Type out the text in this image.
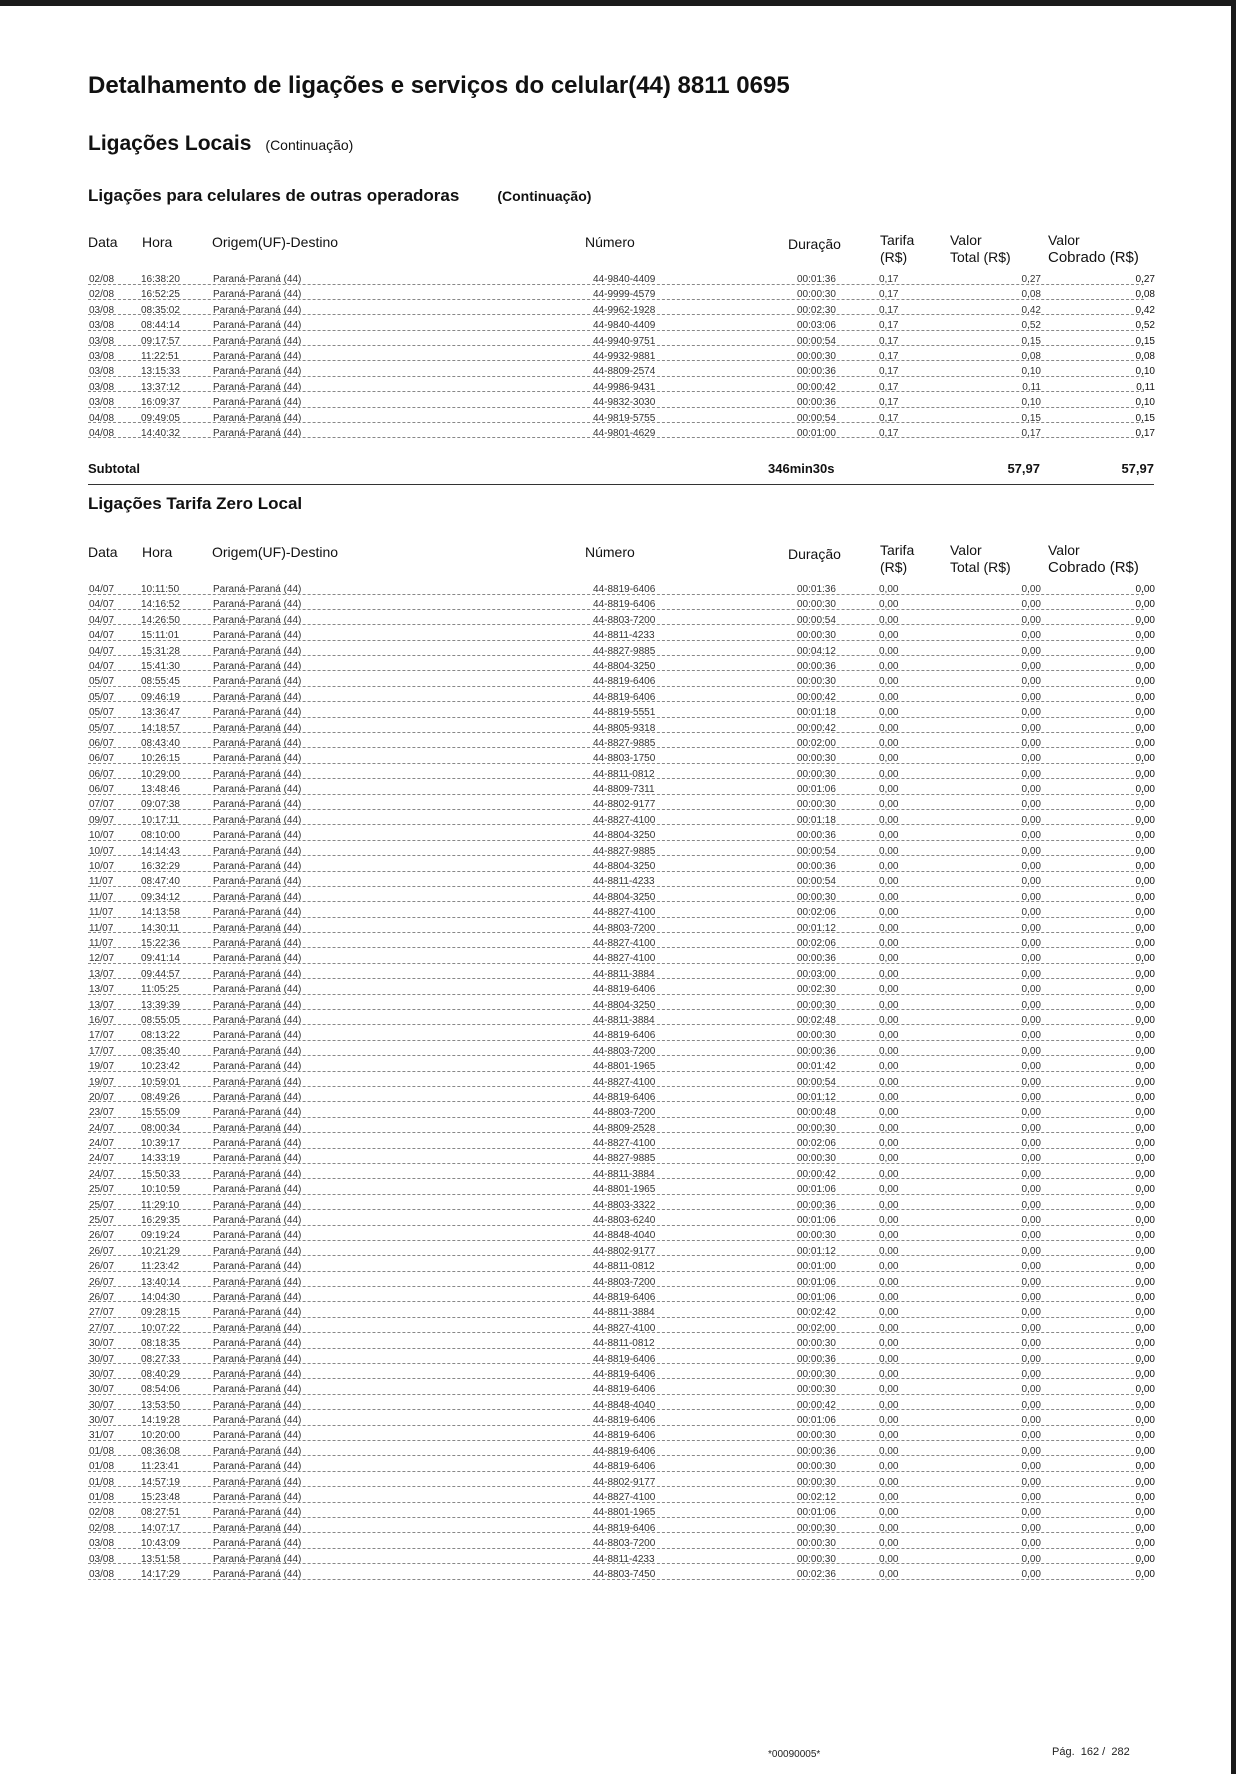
Detalhamento de ligações e serviços do celular(44) 8811 0695
Ligações Locais (Continuação)
Ligações para celulares de outras operadoras	(Continuação)
Data Hora	Origem(UF)-Destino	Número	Duração	Tarifa
(R$)
Valor
Total (R$)
Valor
Cobrado (R$)
02/08	16:38:20	Paraná-Paraná (44)	44-9840-4409	00:01:36	0,17	0,27	0,27
02/08	16:52:25	Paraná-Paraná (44)	44-9999-4579	00:00:30	0,17	0,08	0,08
03/08	08:35:02	Paraná-Paraná (44)	44-9962-1928	00:02:30	0,17	0,42	0,42
03/08	08:44:14	Paraná-Paraná (44)	44-9840-4409	00:03:06	0,17	0,52	0,52
03/08	09:17:57	Paraná-Paraná (44)	44-9940-9751	00:00:54	0,17	0,15	0,15
03/08	11:22:51	Paraná-Paraná (44)	44-9932-9881	00:00:30	0,17	0,08	0,08
03/08	13:15:33	Paraná-Paraná (44)	44-8809-2574	00:00:36	0,17	0,10	0,10
03/08	13:37:12	Paraná-Paraná (44)	44-9986-9431	00:00:42	0,17	0,11	0,11
03/08	16:09:37	Paraná-Paraná (44)	44-9832-3030	00:00:36	0,17	0,10	0,10
04/08	09:49:05	Paraná-Paraná (44)	44-9819-5755	00:00:54	0,17	0,15	0,15
04/08	14:40:32	Paraná-Paraná (44)	44-9801-4629	00:01:00	0,17	0,17	0,17
Subtotal	346min30s	57,97	57,97
Ligações Tarifa Zero Local
Data Hora	Origem(UF)-Destino	Número	Duração	Tarifa
(R$)
Valor
Total (R$)
Valor
Cobrado (R$)
04/07	10:11:50	Paraná-Paraná (44)	44-8819-6406	00:01:36	0,00	0,00	0,00
04/07	14:16:52	Paraná-Paraná (44)	44-8819-6406	00:00:30	0,00	0,00	0,00
04/07	14:26:50	Paraná-Paraná (44)	44-8803-7200	00:00:54	0,00	0,00	0,00
04/07	15:11:01	Paraná-Paraná (44)	44-8811-4233	00:00:30	0,00	0,00	0,00
04/07	15:31:28	Paraná-Paraná (44)	44-8827-9885	00:04:12	0,00	0,00	0,00
04/07	15:41:30	Paraná-Paraná (44)	44-8804-3250	00:00:36	0,00	0,00	0,00
05/07	08:55:45	Paraná-Paraná (44)	44-8819-6406	00:00:30	0,00	0,00	0,00
05/07	09:46:19	Paraná-Paraná (44)	44-8819-6406	00:00:42	0,00	0,00	0,00
05/07	13:36:47	Paraná-Paraná (44)	44-8819-5551	00:01:18	0,00	0,00	0,00
05/07	14:18:57	Paraná-Paraná (44)	44-8805-9318	00:00:42	0,00	0,00	0,00
06/07	08:43:40	Paraná-Paraná (44)	44-8827-9885	00:02:00	0,00	0,00	0,00
06/07	10:26:15	Paraná-Paraná (44)	44-8803-1750	00:00:30	0,00	0,00	0,00
06/07	10:29:00	Paraná-Paraná (44)	44-8811-0812	00:00:30	0,00	0,00	0,00
06/07	13:48:46	Paraná-Paraná (44)	44-8809-7311	00:01:06	0,00	0,00	0,00
07/07	09:07:38	Paraná-Paraná (44)	44-8802-9177	00:00:30	0,00	0,00	0,00
09/07	10:17:11	Paraná-Paraná (44)	44-8827-4100	00:01:18	0,00	0,00	0,00
10/07	08:10:00	Paraná-Paraná (44)	44-8804-3250	00:00:36	0,00	0,00	0,00
10/07	14:14:43	Paraná-Paraná (44)	44-8827-9885	00:00:54	0,00	0,00	0,00
10/07	16:32:29	Paraná-Paraná (44)	44-8804-3250	00:00:36	0,00	0,00	0,00
11/07	08:47:40	Paraná-Paraná (44)	44-8811-4233	00:00:54	0,00	0,00	0,00
11/07	09:34:12	Paraná-Paraná (44)	44-8804-3250	00:00:30	0,00	0,00	0,00
11/07	14:13:58	Paraná-Paraná (44)	44-8827-4100	00:02:06	0,00	0,00	0,00
11/07	14:30:11	Paraná-Paraná (44)	44-8803-7200	00:01:12	0,00	0,00	0,00
11/07	15:22:36	Paraná-Paraná (44)	44-8827-4100	00:02:06	0,00	0,00	0,00
12/07	09:41:14	Paraná-Paraná (44)	44-8827-4100	00:00:36	0,00	0,00	0,00
13/07	09:44:57	Paraná-Paraná (44)	44-8811-3884	00:03:00	0,00	0,00	0,00
13/07	11:05:25	Paraná-Paraná (44)	44-8819-6406	00:02:30	0,00	0,00	0,00
13/07	13:39:39	Paraná-Paraná (44)	44-8804-3250	00:00:30	0,00	0,00	0,00
16/07	08:55:05	Paraná-Paraná (44)	44-8811-3884	00:02:48	0,00	0,00	0,00
17/07	08:13:22	Paraná-Paraná (44)	44-8819-6406	00:00:30	0,00	0,00	0,00
17/07	08:35:40	Paraná-Paraná (44)	44-8803-7200	00:00:36	0,00	0,00	0,00
19/07	10:23:42	Paraná-Paraná (44)	44-8801-1965	00:01:42	0,00	0,00	0,00
19/07	10:59:01	Paraná-Paraná (44)	44-8827-4100	00:00:54	0,00	0,00	0,00
20/07	08:49:26	Paraná-Paraná (44)	44-8819-6406	00:01:12	0,00	0,00	0,00
23/07	15:55:09	Paraná-Paraná (44)	44-8803-7200	00:00:48	0,00	0,00	0,00
24/07	08:00:34	Paraná-Paraná (44)	44-8809-2528	00:00:30	0,00	0,00	0,00
24/07	10:39:17	Paraná-Paraná (44)	44-8827-4100	00:02:06	0,00	0,00	0,00
24/07	14:33:19	Paraná-Paraná (44)	44-8827-9885	00:00:30	0,00	0,00	0,00
24/07	15:50:33	Paraná-Paraná (44)	44-8811-3884	00:00:42	0,00	0,00	0,00
25/07	10:10:59	Paraná-Paraná (44)	44-8801-1965	00:01:06	0,00	0,00	0,00
25/07	11:29:10	Paraná-Paraná (44)	44-8803-3322	00:00:36	0,00	0,00	0,00
25/07	16:29:35	Paraná-Paraná (44)	44-8803-6240	00:01:06	0,00	0,00	0,00
26/07	09:19:24	Paraná-Paraná (44)	44-8848-4040	00:00:30	0,00	0,00	0,00
26/07	10:21:29	Paraná-Paraná (44)	44-8802-9177	00:01:12	0,00	0,00	0,00
26/07	11:23:42	Paraná-Paraná (44)	44-8811-0812	00:01:00	0,00	0,00	0,00
26/07	13:40:14	Paraná-Paraná (44)	44-8803-7200	00:01:06	0,00	0,00	0,00
26/07	14:04:30	Paraná-Paraná (44)	44-8819-6406	00:01:06	0,00	0,00	0,00
27/07	09:28:15	Paraná-Paraná (44)	44-8811-3884	00:02:42	0,00	0,00	0,00
27/07	10:07:22	Paraná-Paraná (44)	44-8827-4100	00:02:00	0,00	0,00	0,00
30/07	08:18:35	Paraná-Paraná (44)	44-8811-0812	00:00:30	0,00	0,00	0,00
30/07	08:27:33	Paraná-Paraná (44)	44-8819-6406	00:00:36	0,00	0,00	0,00
30/07	08:40:29	Paraná-Paraná (44)	44-8819-6406	00:00:30	0,00	0,00	0,00
30/07	08:54:06	Paraná-Paraná (44)	44-8819-6406	00:00:30	0,00	0,00	0,00
30/07	13:53:50	Paraná-Paraná (44)	44-8848-4040	00:00:42	0,00	0,00	0,00
30/07	14:19:28	Paraná-Paraná (44)	44-8819-6406	00:01:06	0,00	0,00	0,00
31/07	10:20:00	Paraná-Paraná (44)	44-8819-6406	00:00:30	0,00	0,00	0,00
01/08	08:36:08	Paraná-Paraná (44)	44-8819-6406	00:00:36	0,00	0,00	0,00
01/08	11:23:41	Paraná-Paraná (44)	44-8819-6406	00:00:30	0,00	0,00	0,00
01/08	14:57:19	Paraná-Paraná (44)	44-8802-9177	00:00:30	0,00	0,00	0,00
01/08	15:23:48	Paraná-Paraná (44)	44-8827-4100	00:02:12	0,00	0,00	0,00
02/08	08:27:51	Paraná-Paraná (44)	44-8801-1965	00:01:06	0,00	0,00	0,00
02/08	14:07:17	Paraná-Paraná (44)	44-8819-6406	00:00:30	0,00	0,00	0,00
03/08	10:43:09	Paraná-Paraná (44)	44-8803-7200	00:00:30	0,00	0,00	0,00
03/08	13:51:58	Paraná-Paraná (44)	44-8811-4233	00:00:30	0,00	0,00	0,00
03/08	14:17:29	Paraná-Paraná (44)	44-8803-7450	00:02:36	0,00	0,00	0,00
*00090005*	Pág. 162 /  282
